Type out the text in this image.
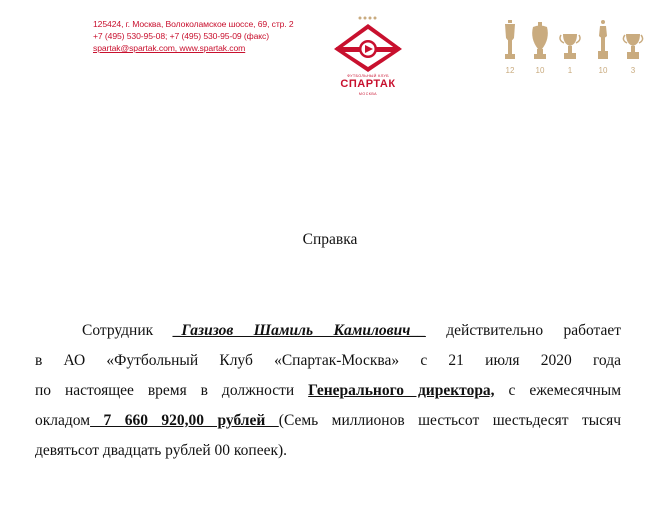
125424, г. Москва, Волоколамское шоссе, 69, стр. 2
+7 (495) 530-95-08; +7 (495) 530-95-09 (факс)
spartak@spartak.com, www.spartak.com
ФУТБОЛЬНЫЙ КЛУБ
СПАРТАК
МОСКВА
12	10	1	10	3
Справка
Сотрудник _Газизов Шамиль Камилович__ действительно работает
в АО «Футбольный Клуб «Спартак-Москва» с 21 июля 2020 года
по настоящее время в должности Генерального директора, с ежемесячным
окладом 7 660 920,00 рублей (Семь миллионов шестьсот шестьдесят тысяч
девятьсот двадцать рублей 00 копеек).
